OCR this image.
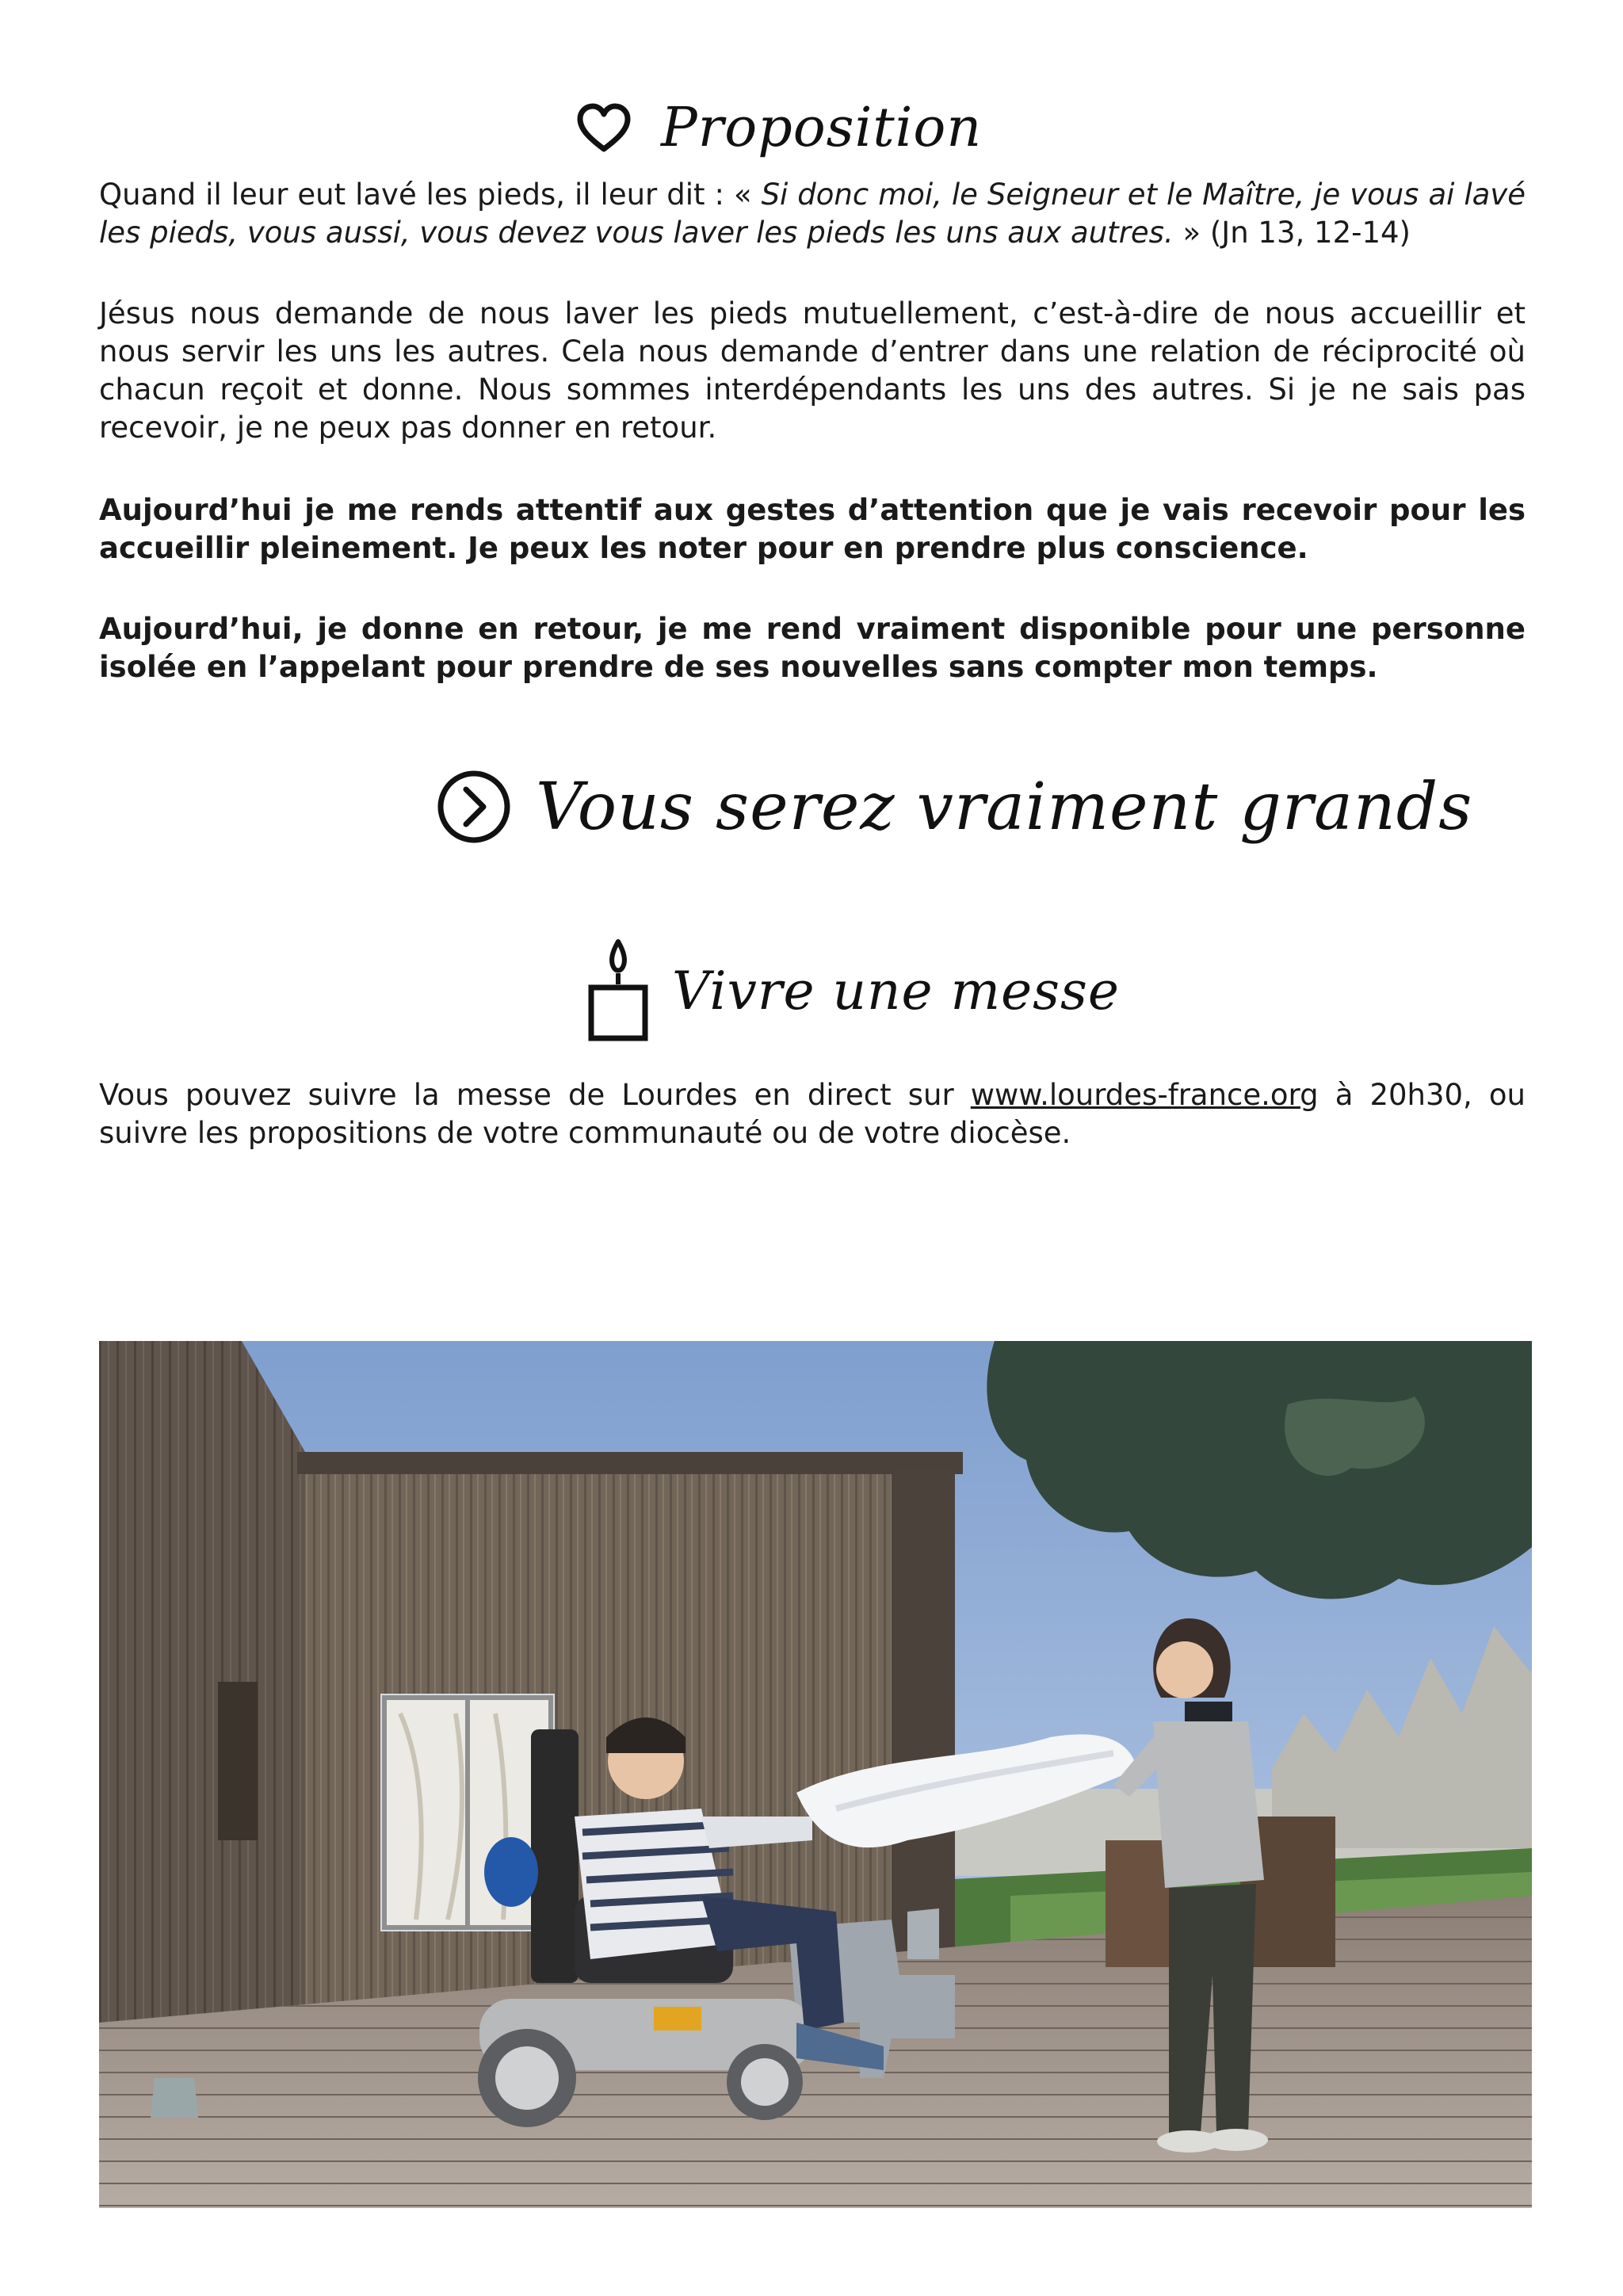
Proposition

Quand il leur eut lavé les pieds, il leur dit : « Si donc moi, le Seigneur et le Maître, je vous ai lavé les pieds, vous aussi, vous devez vous laver les pieds les uns aux autres. » (Jn 13, 12-14)

Jésus nous demande de nous laver les pieds mutuellement, c’est-à-dire de nous accueillir et nous servir les uns les autres. Cela nous demande d’entrer dans une relation de réciprocité où chacun reçoit et donne. Nous sommes interdépendants les uns des autres. Si je ne sais pas recevoir, je ne peux pas donner en retour.

Aujourd’hui je me rends attentif aux gestes d’attention que je vais recevoir pour les accueillir pleinement. Je peux les noter pour en prendre plus conscience.

Aujourd’hui, je donne en retour, je me rend vraiment disponible pour une personne isolée en l’appelant pour prendre de ses nouvelles sans compter mon temps.

Vous serez vraiment grands
Vivre une messe

Vous pouvez suivre la messe de Lourdes en direct sur www.lourdes-france.org à 20h30, ou suivre les propositions de votre communauté ou de votre diocèse.
